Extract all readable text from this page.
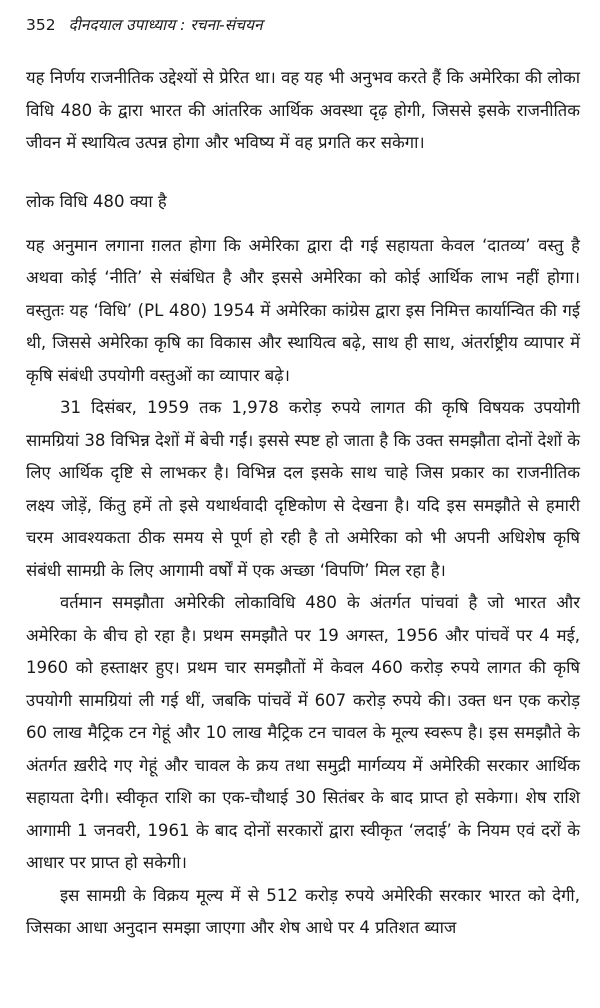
352 दीनदयाल उपाध्याय : रचना-संचयन

यह निर्णय राजनीतिक उद्देश्यों से प्रेरित था। वह यह भी अनुभव करते हैं कि अमेरिका की लोका विधि 480 के द्वारा भारत की आंतरिक आर्थिक अवस्था दृढ़ होगी, जिससे इसके राजनीतिक जीवन में स्थायित्व उत्पन्न होगा और भविष्य में वह प्रगति कर सकेगा।

लोक विधि 480 क्या है

यह अनुमान लगाना ग़लत होगा कि अमेरिका द्वारा दी गई सहायता केवल ‘दातव्य’ वस्तु है अथवा कोई ‘नीति’ से संबंधित है और इससे अमेरिका को कोई आर्थिक लाभ नहीं होगा। वस्तुतः यह ‘विधि’ (PL 480) 1954 में अमेरिका कांग्रेस द्वारा इस निमित्त कार्यान्वित की गई थी, जिससे अमेरिका कृषि का विकास और स्थायित्व बढ़े, साथ ही साथ, अंतर्राष्ट्रीय व्यापार में कृषि संबंधी उपयोगी वस्तुओं का व्यापार बढ़े।

31 दिसंबर, 1959 तक 1,978 करोड़ रुपये लागत की कृषि विषयक उपयोगी सामग्रियां 38 विभिन्न देशों में बेची गईं। इससे स्पष्ट हो जाता है कि उक्त समझौता दोनों देशों के लिए आर्थिक दृष्टि से लाभकर है। विभिन्न दल इसके साथ चाहे जिस प्रकार का राजनीतिक लक्ष्य जोड़ें, किंतु हमें तो इसे यथार्थवादी दृष्टिकोण से देखना है। यदि इस समझौते से हमारी चरम आवश्यकता ठीक समय से पूर्ण हो रही है तो अमेरिका को भी अपनी अधिशेष कृषि संबंधी सामग्री के लिए आगामी वर्षों में एक अच्छा ‘विपणि’ मिल रहा है।

वर्तमान समझौता अमेरिकी लोकाविधि 480 के अंतर्गत पांचवां है जो भारत और अमेरिका के बीच हो रहा है। प्रथम समझौते पर 19 अगस्त, 1956 और पांचवें पर 4 मई, 1960 को हस्ताक्षर हुए। प्रथम चार समझौतों में केवल 460 करोड़ रुपये लागत की कृषि उपयोगी सामग्रियां ली गई थीं, जबकि पांचवें में 607 करोड़ रुपये की। उक्त धन एक करोड़ 60 लाख मैट्रिक टन गेहूं और 10 लाख मैट्रिक टन चावल के मूल्य स्वरूप है। इस समझौते के अंतर्गत ख़रीदे गए गेहूं और चावल के क्रय तथा समुद्री मार्गव्यय में अमेरिकी सरकार आर्थिक सहायता देगी। स्वीकृत राशि का एक-चौथाई 30 सितंबर के बाद प्राप्त हो सकेगा। शेष राशि आगामी 1 जनवरी, 1961 के बाद दोनों सरकारों द्वारा स्वीकृत ‘लदाई’ के नियम एवं दरों के आधार पर प्राप्त हो सकेगी।

इस सामग्री के विक्रय मूल्य में से 512 करोड़ रुपये अमेरिकी सरकार भारत को देगी, जिसका आधा अनुदान समझा जाएगा और शेष आधे पर 4 प्रतिशत ब्याज
